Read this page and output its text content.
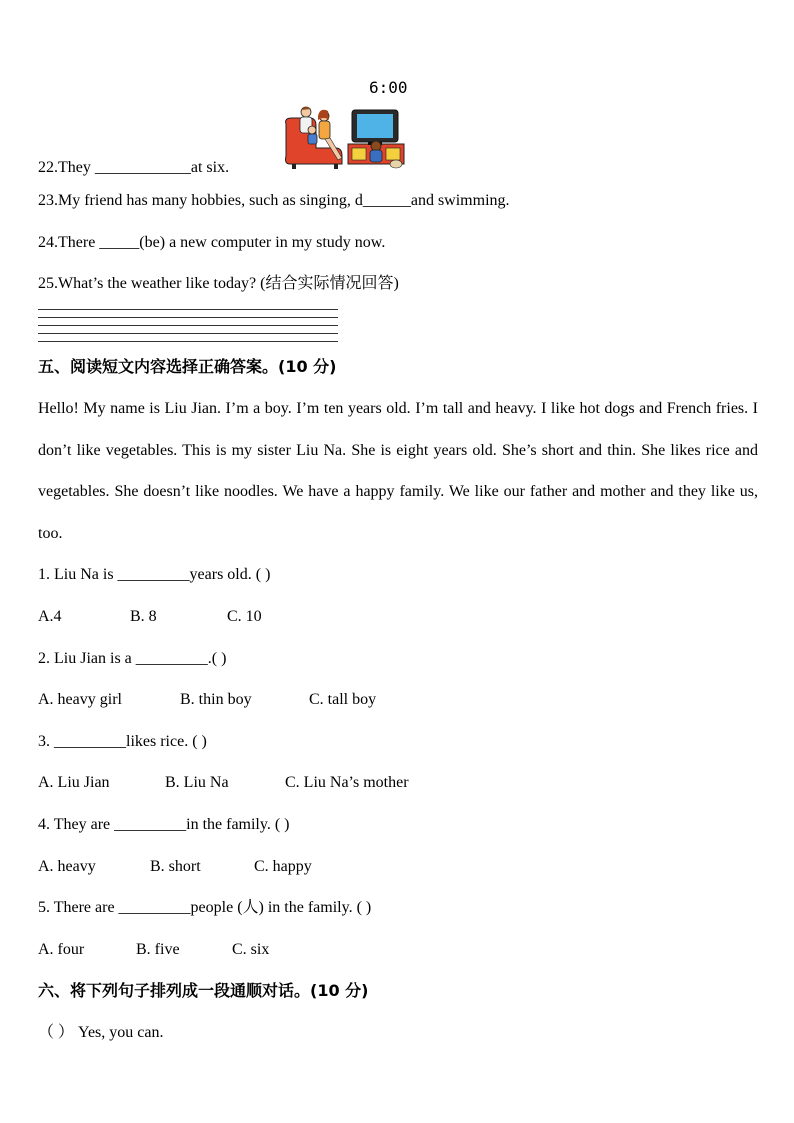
6:00
22.They ____________at six.
23.My friend has many hobbies, such as singing, d______and swimming.
24.There _____(be) a new computer in my study now.
25.What’s the weather like today? (结合实际情况回答)
五、阅读短文内容选择正确答案。(10 分)
Hello! My name is Liu Jian. I’m a boy. I’m ten years old. I’m tall and heavy. I like hot dogs and French fries. I don’t like vegetables. This is my sister Liu Na. She is eight years old. She’s short and thin. She likes rice and vegetables. She doesn’t like noodles. We have a happy family. We like our father and mother and they like us, too.
1. Liu Na is _________years old. ( )
A.4	B. 8	C. 10
2. Liu Jian is a _________.( )
A. heavy girl	B. thin boy	C. tall boy
3. _________likes rice. ( )
A. Liu Jian	B. Liu Na	C. Liu Na’s mother
4. They are _________in the family. ( )
A. heavy	B. short	C. happy
5. There are _________people (人) in the family. ( )
A. four	B. five	C. six
六、将下列句子排列成一段通顺对话。(10 分)
（ ） Yes, you can.
